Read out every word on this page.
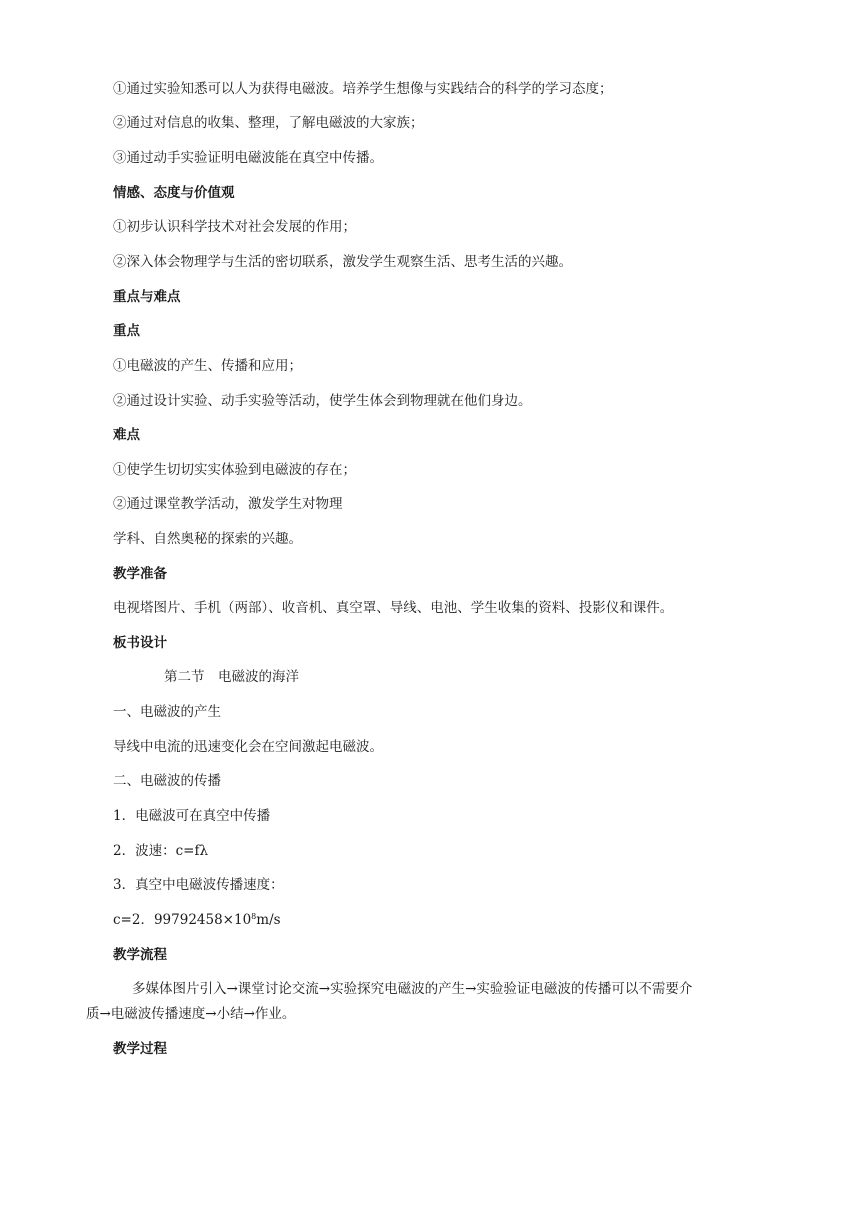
①通过实验知悉可以人为获得电磁波。培养学生想像与实践结合的科学的学习态度；
②通过对信息的收集、整理，了解电磁波的大家族；
③通过动手实验证明电磁波能在真空中传播。
情感、态度与价值观
①初步认识科学技术对社会发展的作用；
②深入体会物理学与生活的密切联系，激发学生观察生活、思考生活的兴趣。
重点与难点
重点
①电磁波的产生、传播和应用；
②通过设计实验、动手实验等活动，使学生体会到物理就在他们身边。
难点
①使学生切切实实体验到电磁波的存在；
②通过课堂教学活动，激发学生对物理
学科、自然奥秘的探索的兴趣。
教学准备
电视塔图片、手机（两部）、收音机、真空罩、导线、电池、学生收集的资料、投影仪和课件。
板书设计
第二节　电磁波的海洋
一、电磁波的产生
导线中电流的迅速变化会在空间激起电磁波。
二、电磁波的传播
1．电磁波可在真空中传播
2．波速：c=fλ
3．真空中电磁波传播速度：
c=2．$99792458\times 10^8m/s$
教学流程
多媒体图片引入→课堂讨论交流→实验探究电磁波的产生→实验验证电磁波的传播可以不需要介
质→电磁波传播速度→小结→作业。
教学过程
